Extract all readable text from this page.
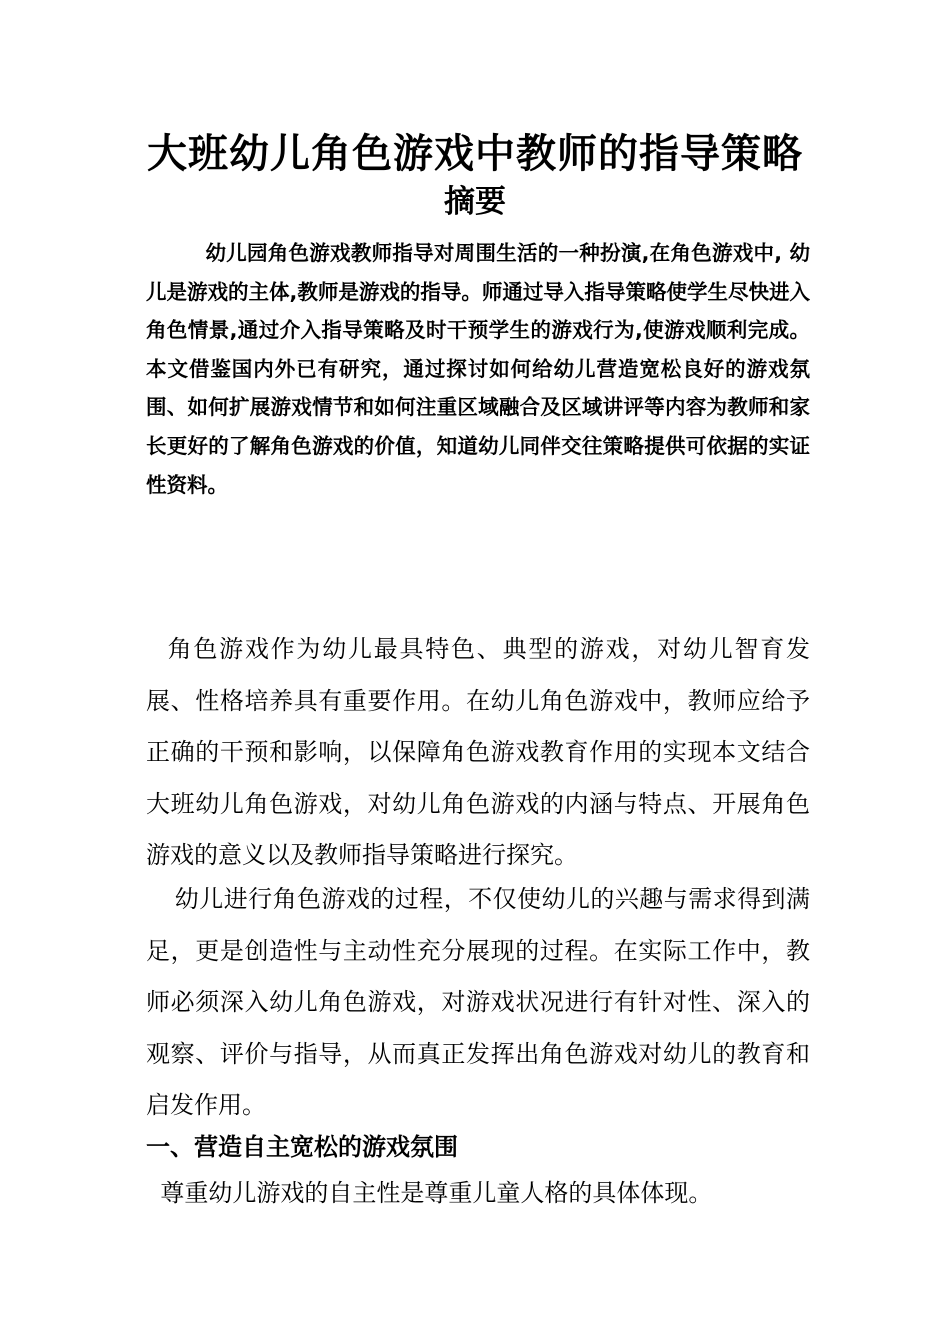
大班幼儿角色游戏中教师的指导策略
摘要

幼儿园角色游戏教师指导对周围生活的一种扮演,在角色游戏中, 幼儿是游戏的主体,教师是游戏的指导。师通过导入指导策略使学生尽快进入角色情景,通过介入指导策略及时干预学生的游戏行为,使游戏顺利完成。本文借鉴国内外已有研究，通过探讨如何给幼儿营造宽松良好的游戏氛围、如何扩展游戏情节和如何注重区域融合及区域讲评等内容为教师和家长更好的了解角色游戏的价值，知道幼儿同伴交往策略提供可依据的实证性资料。

角色游戏作为幼儿最具特色、典型的游戏，对幼儿智育发展、性格培养具有重要作用。在幼儿角色游戏中，教师应给予正确的干预和影响，以保障角色游戏教育作用的实现本文结合大班幼儿角色游戏，对幼儿角色游戏的内涵与特点、开展角色游戏的意义以及教师指导策略进行探究。

幼儿进行角色游戏的过程，不仅使幼儿的兴趣与需求得到满足，更是创造性与主动性充分展现的过程。在实际工作中，教师必须深入幼儿角色游戏，对游戏状况进行有针对性、深入的观察、评价与指导，从而真正发挥出角色游戏对幼儿的教育和启发作用。

一、营造自主宽松的游戏氛围

尊重幼儿游戏的自主性是尊重儿童人格的具体体现。
